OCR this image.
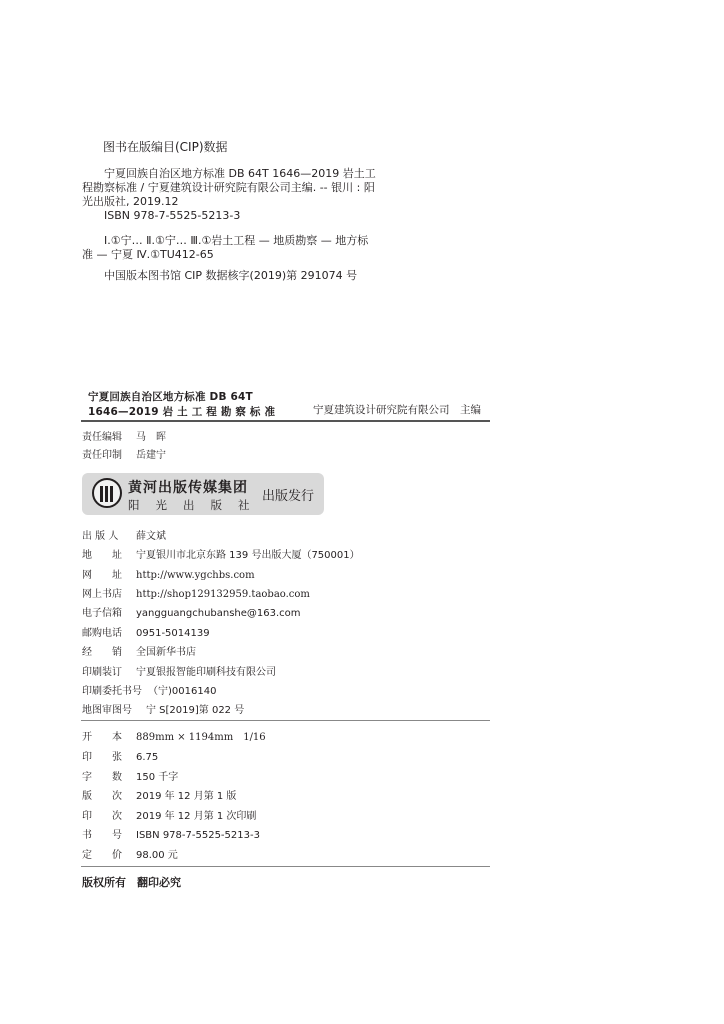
图书在版编目(CIP)数据
宁夏回族自治区地方标准 DB 64T 1646—2019 岩土工程勘察标准 / 宁夏建筑设计研究院有限公司主编. -- 银川 : 阳光出版社, 2019.12
ISBN 978-7-5525-5213-3
Ⅰ.①宁… Ⅱ.①宁… Ⅲ.①岩土工程 — 地质勘察 — 地方标准 — 宁夏 Ⅳ.①TU412-65
中国版本图书馆 CIP 数据核字(2019)第 291074 号
宁夏回族自治区地方标准 DB 64T
1646—2019 岩 土 工 程 勘 察 标 准	宁夏建筑设计研究院有限公司　主编
责任编辑 马　晖
责任印制 岳建宁
黄河出版传媒集团
阳光出版社
出版发行
出 版 人 薛文斌
地　　址 宁夏银川市北京东路 139 号出版大厦（750001）
网　　址 http://www.ygchbs.com
网上书店 http://shop129132959.taobao.com
电子信箱 yangguangchubanshe@163.com
邮购电话 0951-5014139
经　　销 全国新华书店
印刷装订 宁夏银报智能印刷科技有限公司
印刷委托书号 （宁)0016140
地图审图号 宁 S[2019]第 022 号
开　　本 889mm × 1194mm　1/16
印　　张 6.75
字　　数 150 千字
版　　次 2019 年 12 月第 1 版
印　　次 2019 年 12 月第 1 次印刷
书　　号 ISBN 978-7-5525-5213-3
定　　价 98.00 元
版权所有　翻印必究
